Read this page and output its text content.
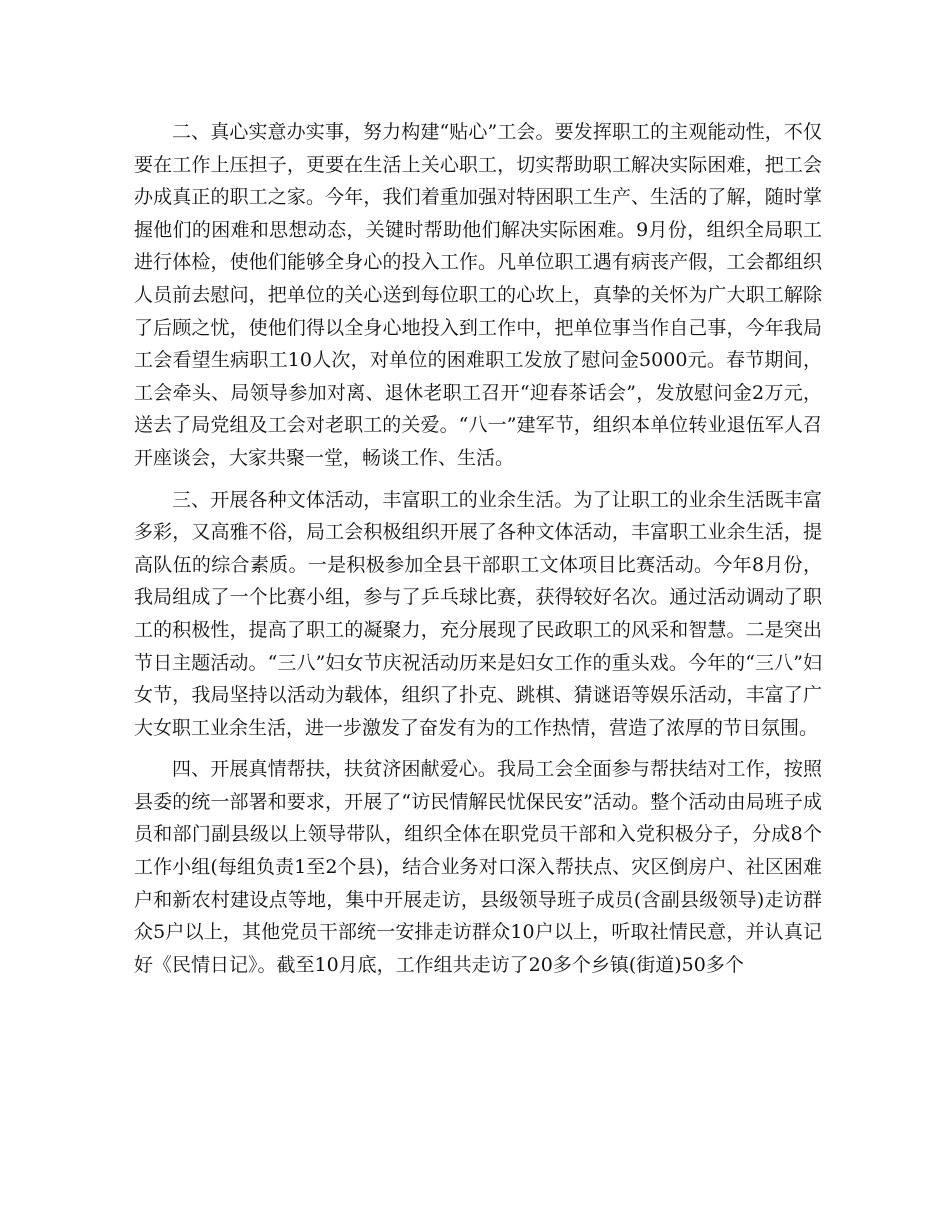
二、真心实意办实事，努力构建“贴心”工会。要发挥职工的主观能动性，不仅要在工作上压担子，更要在生活上关心职工，切实帮助职工解决实际困难，把工会办成真正的职工之家。今年，我们着重加强对特困职工生产、生活的了解，随时掌握他们的困难和思想动态，关键时帮助他们解决实际困难。9月份，组织全局职工进行体检，使他们能够全身心的投入工作。凡单位职工遇有病丧产假，工会都组织人员前去慰问，把单位的关心送到每位职工的心坎上，真挚的关怀为广大职工解除了后顾之忧，使他们得以全身心地投入到工作中，把单位事当作自己事，今年我局工会看望生病职工10人次，对单位的困难职工发放了慰问金5000元。春节期间，工会牵头、局领导参加对离、退休老职工召开“迎春茶话会”，发放慰问金2万元，送去了局党组及工会对老职工的关爱。“八一”建军节，组织本单位转业退伍军人召开座谈会，大家共聚一堂，畅谈工作、生活。

三、开展各种文体活动，丰富职工的业余生活。为了让职工的业余生活既丰富多彩，又高雅不俗，局工会积极组织开展了各种文体活动，丰富职工业余生活，提高队伍的综合素质。一是积极参加全县干部职工文体项目比赛活动。今年8月份，我局组成了一个比赛小组，参与了乒乓球比赛，获得较好名次。通过活动调动了职工的积极性，提高了职工的凝聚力，充分展现了民政职工的风采和智慧。二是突出节日主题活动。“三八”妇女节庆祝活动历来是妇女工作的重头戏。今年的“三八”妇女节，我局坚持以活动为载体，组织了扑克、跳棋、猜谜语等娱乐活动，丰富了广大女职工业余生活，进一步激发了奋发有为的工作热情，营造了浓厚的节日氛围。

四、开展真情帮扶，扶贫济困献爱心。我局工会全面参与帮扶结对工作，按照县委的统一部署和要求，开展了“访民情解民忧保民安”活动。整个活动由局班子成员和部门副县级以上领导带队，组织全体在职党员干部和入党积极分子，分成8个工作小组(每组负责1至2个县)，结合业务对口深入帮扶点、灾区倒房户、社区困难户和新农村建设点等地，集中开展走访，县级领导班子成员(含副县级领导)走访群众5户以上，其他党员干部统一安排走访群众10户以上，听取社情民意，并认真记好《民情日记》。截至10月底，工作组共走访了20多个乡镇(街道)50多个
